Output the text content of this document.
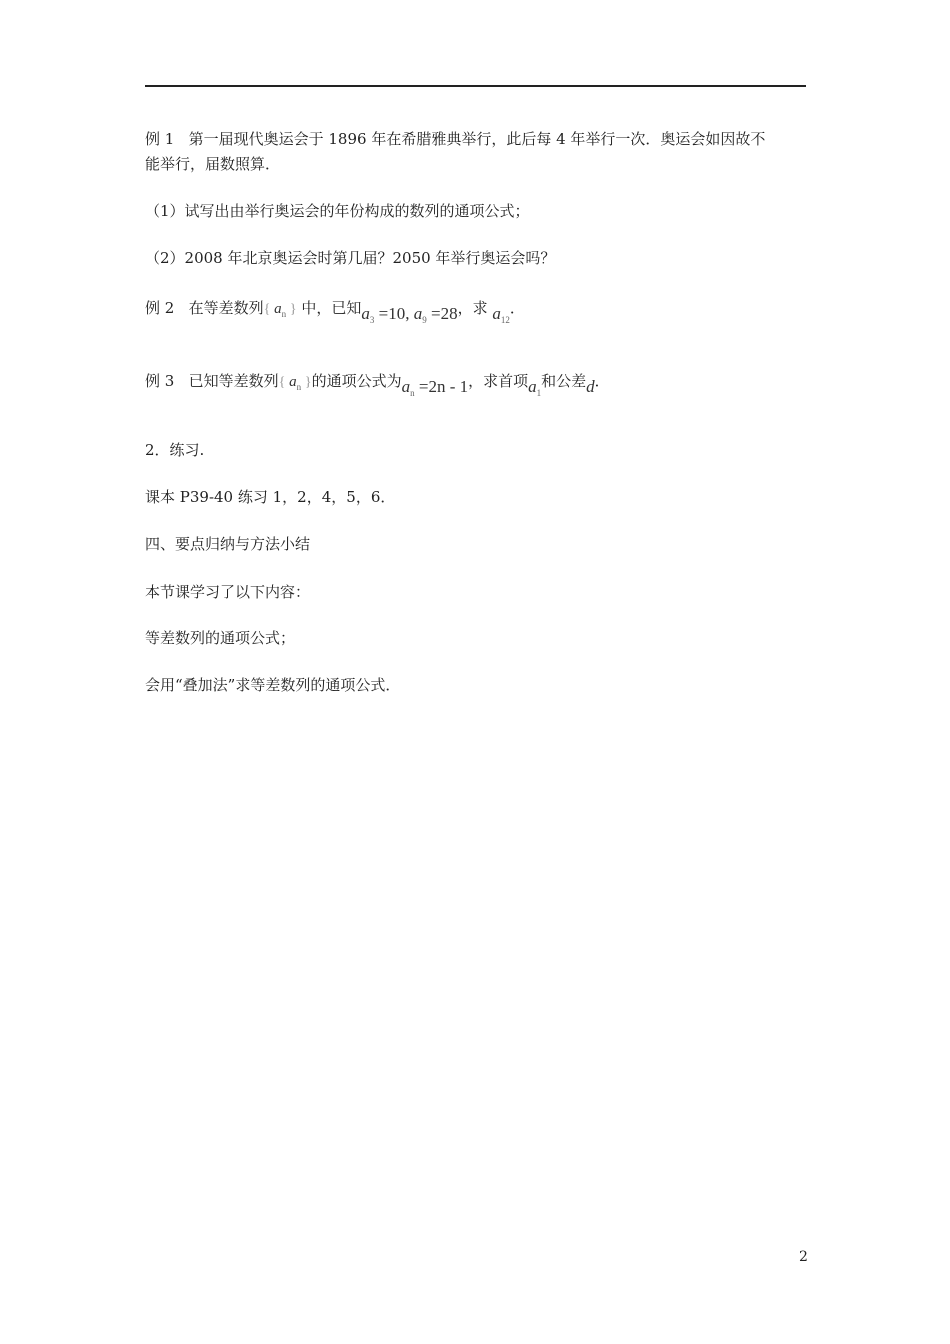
例 1 第一届现代奥运会于 1896 年在希腊雅典举行，此后每 4 年举行一次．奥运会如因故不
能举行，届数照算．
（1）试写出由举行奥运会的年份构成的数列的通项公式；
（2）2008 年北京奥运会时第几届？2050 年举行奥运会吗？
例 2 在等差数列{ $a_n$ } 中，已知$a_3 =10$, $a_9 =28$，求 $a_{12}$．
例 3 已知等差数列{ $a_n$ }的通项公式为$a_n =2n - 1$，求首项$a_1$和公差d．
2．练习.
课本 P39-40 练习 1，2，4，5，6．
四、要点归纳与方法小结
本节课学习了以下内容：
等差数列的通项公式；
会用“叠加法”求等差数列的通项公式．
2
